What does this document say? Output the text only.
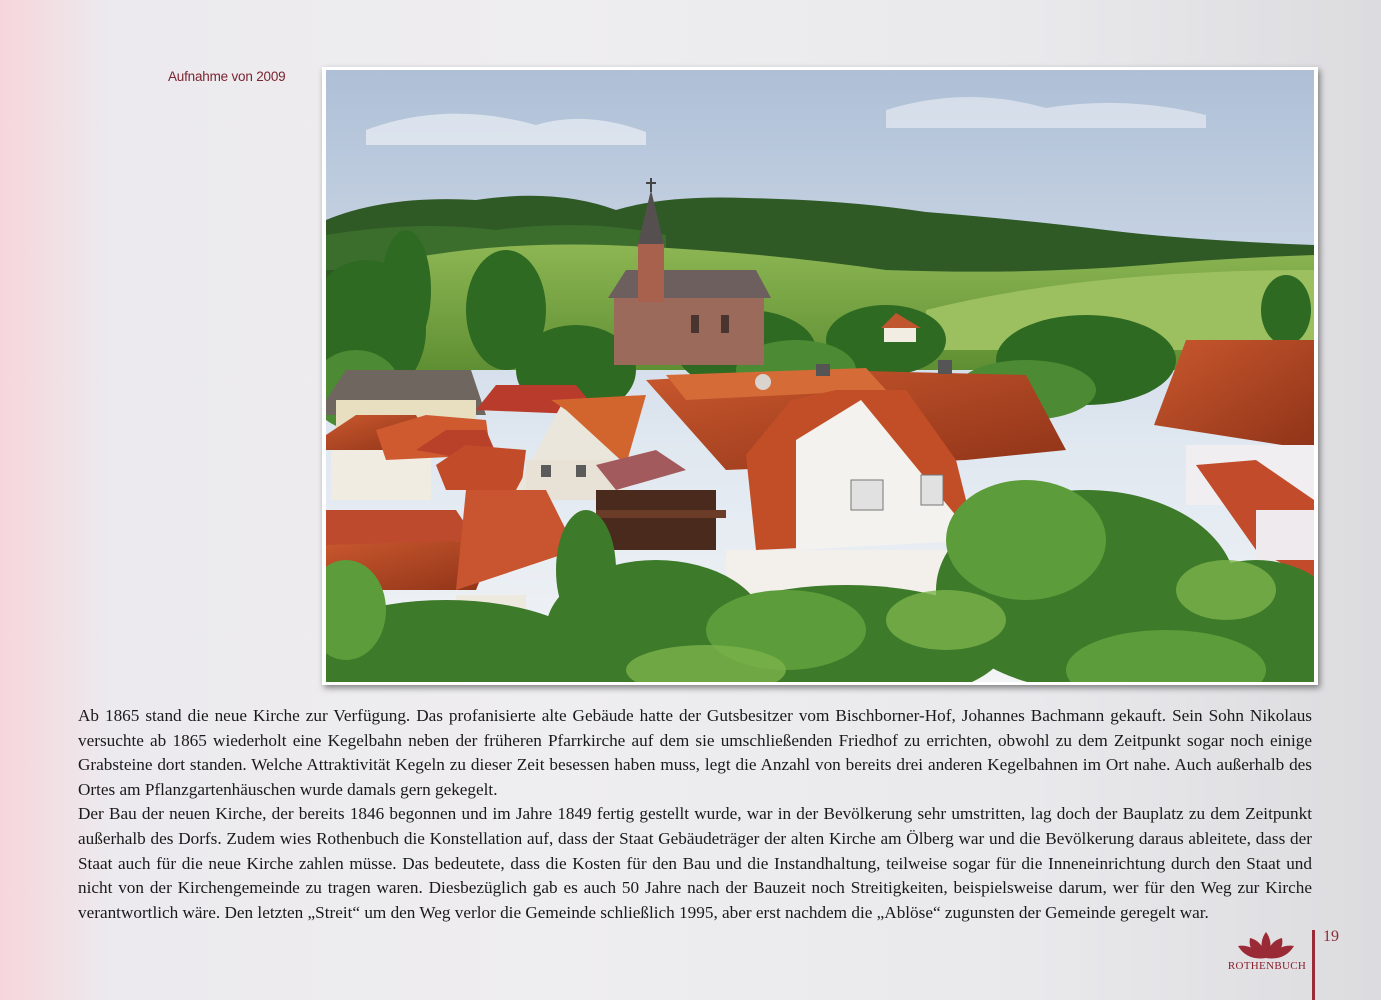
Aufnahme von 2009

Ab 1865 stand die neue Kirche zur Verfügung. Das profanisierte alte Gebäude hatte der Gutsbesitzer vom Bischborner-Hof, Johannes Bachmann gekauft. Sein Sohn Nikolaus versuchte ab 1865 wiederholt eine Kegelbahn neben der früheren Pfarrkirche auf dem sie umschließenden Friedhof zu errichten, obwohl zu dem Zeitpunkt sogar noch einige Grabsteine dort standen. Welche Attraktivität Kegeln zu dieser Zeit besessen haben muss, legt die Anzahl von bereits drei anderen Kegelbahnen im Ort nahe. Auch außerhalb des Ortes am Pflanzgartenhäuschen wurde damals gern gekegelt.

Der Bau der neuen Kirche, der bereits 1846 begonnen und im Jahre 1849 fertig gestellt wurde, war in der Bevölkerung sehr umstritten, lag doch der Bauplatz zu dem Zeitpunkt außerhalb des Dorfs. Zudem wies Rothenbuch die Konstellation auf, dass der Staat Gebäudeträger der alten Kirche am Ölberg war und die Bevölkerung daraus ableitete, dass der Staat auch für die neue Kirche zahlen müsse. Das bedeutete, dass die Kosten für den Bau und die Instandhaltung, teilweise sogar für die Inneneinrichtung durch den Staat und nicht von der Kirchengemeinde zu tragen waren. Diesbezüglich gab es auch 50 Jahre nach der Bauzeit noch Streitigkeiten, beispielsweise darum, wer für den Weg zur Kirche verantwortlich wäre. Den letzten „Streit“ um den Weg verlor die Gemeinde schließlich 1995, aber erst nachdem die „Ablöse“ zugunsten der Gemeinde geregelt war.

ROTHENBUCH
19
